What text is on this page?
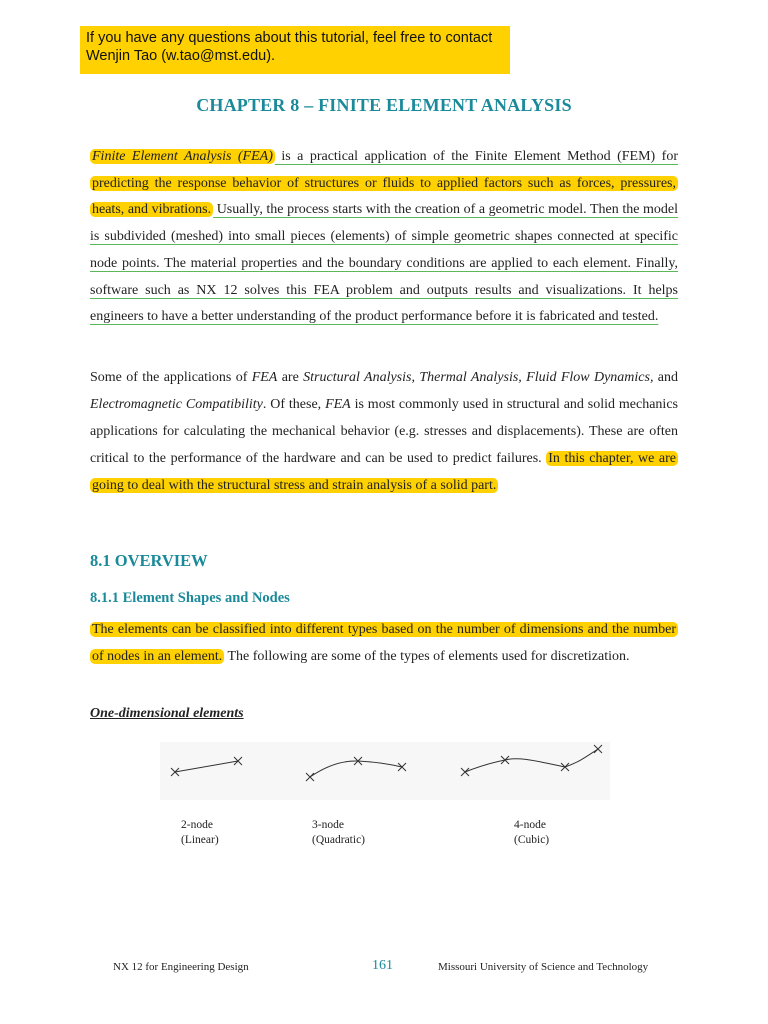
If you have any questions about this tutorial, feel free to contact
Wenjin Tao (w.tao@mst.edu).
CHAPTER 8 – FINITE ELEMENT ANALYSIS
Finite Element Analysis (FEA) is a practical application of the Finite Element Method (FEM) for predicting the response behavior of structures or fluids to applied factors such as forces, pressures, heats, and vibrations. Usually, the process starts with the creation of a geometric model. Then the model is subdivided (meshed) into small pieces (elements) of simple geometric shapes connected at specific node points. The material properties and the boundary conditions are applied to each element. Finally, software such as NX 12 solves this FEA problem and outputs results and visualizations. It helps engineers to have a better understanding of the product performance before it is fabricated and tested.
Some of the applications of FEA are Structural Analysis, Thermal Analysis, Fluid Flow Dynamics, and Electromagnetic Compatibility. Of these, FEA is most commonly used in structural and solid mechanics applications for calculating the mechanical behavior (e.g. stresses and displacements). These are often critical to the performance of the hardware and can be used to predict failures. In this chapter, we are going to deal with the structural stress and strain analysis of a solid part.
8.1 OVERVIEW
8.1.1 Element Shapes and Nodes
The elements can be classified into different types based on the number of dimensions and the number of nodes in an element. The following are some of the types of elements used for discretization.
One-dimensional elements
2-node
(Linear)
3-node
(Quadratic)
4-node
(Cubic)
NX 12 for Engineering Design	161	Missouri University of Science and Technology
